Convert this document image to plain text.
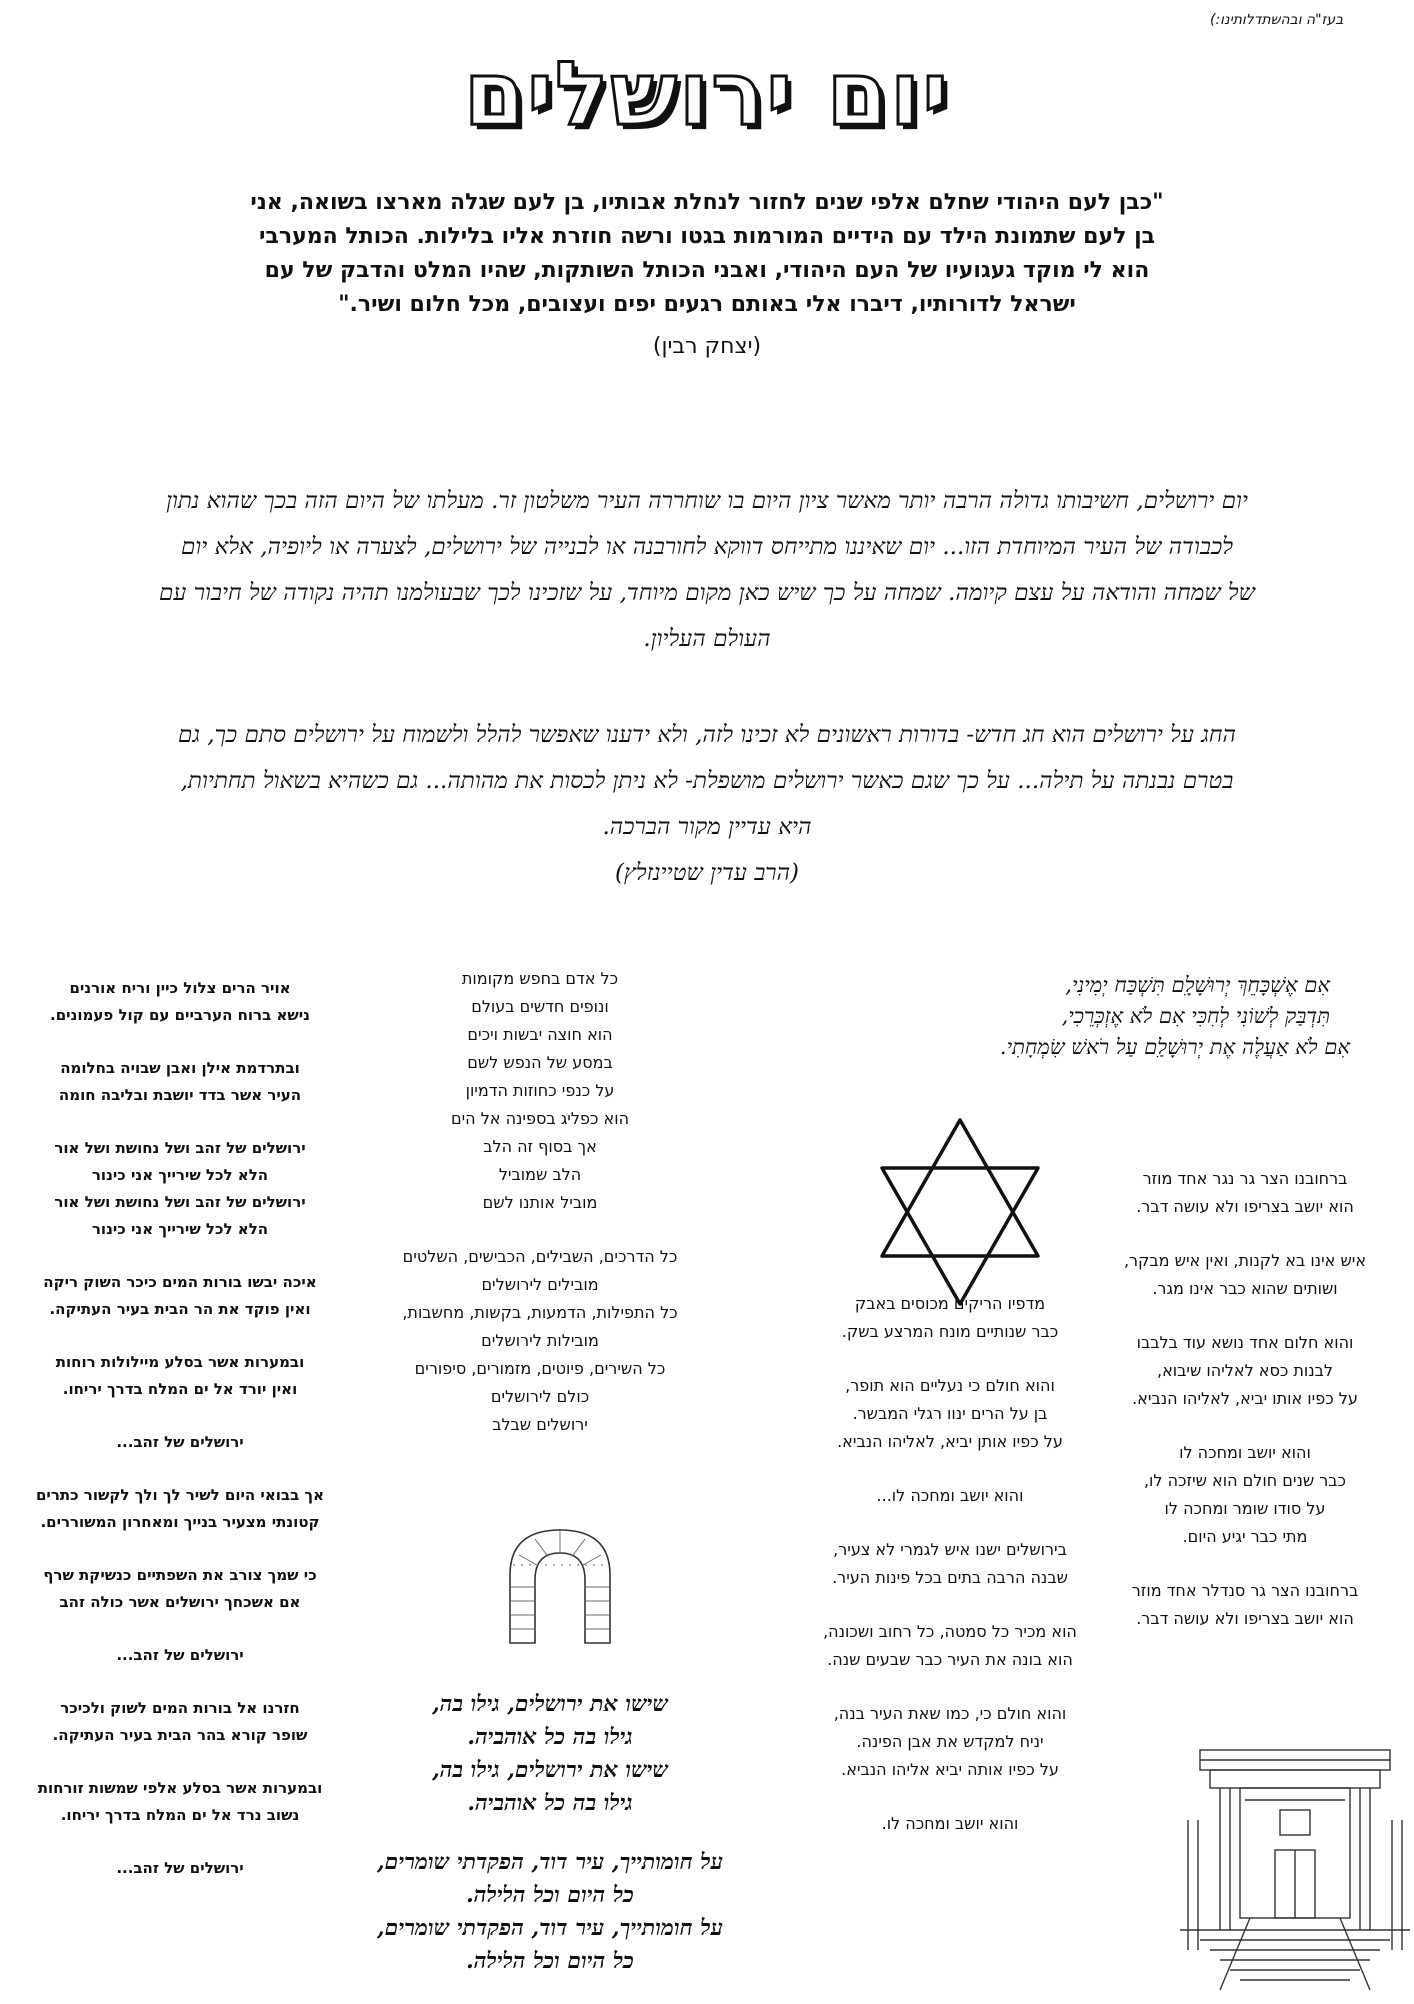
בעז"ה ובהשתדלותינו:)
יום ירושלים
"כבן לעם היהודי שחלם אלפי שנים לחזור לנחלת אבותיו, בן לעם שגלה מארצו בשואה, אני
בן לעם שתמונת הילד עם הידיים המורמות בגטו ורשה חוזרת אליו בלילות. הכותל המערבי
הוא לי מוקד געגועיו של העם היהודי, ואבני הכותל השותקות, שהיו המלט והדבק של עם
ישראל לדורותיו, דיברו אלי באותם רגעים יפים ועצובים, מכל חלום ושיר."
(יצחק רבין)
יום ירושלים, חשיבותו גדולה הרבה יותר מאשר ציון היום בו שוחררה העיר משלטון זר. מעלתו של היום הזה בכך שהוא נתון
לכבודה של העיר המיוחדת הזו... יום שאיננו מתייחס דווקא לחורבנה או לבנייה של ירושלים, לצערה או ליופיה, אלא יום
של שמחה והודאה על עצם קיומה. שמחה על כך שיש כאן מקום מיוחד, על שזכינו לכך שבעולמנו תהיה נקודה של חיבור עם
העולם העליון.
החג על ירושלים הוא חג חדש- בדורות ראשונים לא זכינו לזה, ולא ידענו שאפשר להלל ולשמוח על ירושלים סתם כך, גם
בטרם נבנתה על תילה... על כך שגם כאשר ירושלים מושפלת- לא ניתן לכסות את מהותה... גם כשהיא בשאול תחתיות,
היא עדיין מקור הברכה.
(הרב עדין שטיינזלץ)
אִם אֶשְׁכָּחֵךְ יְרוּשָׁלִָם תִּשְׁכַּח יְמִינִי,
תִּדְבַּק לְשׁוֹנִי לְחִכִּי אִם לֹא אֶזְכְּרֵכִי,
אִם לֹא אַעֲלֶה אֶת יְרוּשָׁלִַם עַל רֹאשׁ שִׂמְחָתִי.
ברחובנו הצר גר נגר אחד מוזר
הוא יושב בצריפו ולא עושה דבר.
איש אינו בא לקנות, ואין איש מבקר,
ושותים שהוא כבר אינו מגר.
והוא חלום אחד נושא עוד בלבבו
לבנות כסא לאליהו שיבוא,
על כפיו אותו יביא, לאליהו הנביא.
והוא יושב ומחכה לו
כבר שנים חולם הוא שיזכה לו,
על סודו שומר ומחכה לו
מתי כבר יגיע היום.
ברחובנו הצר גר סנדלר אחד מוזר
הוא יושב בצריפו ולא עושה דבר.
מדפיו הריקים מכוסים באבק
כבר שנותיים מונח המרצע בשק.
והוא חולם כי נעליים הוא תופר,
בן על הרים ינוו רגלי המבשר.
על כפיו אותן יביא, לאליהו הנביא.
והוא יושב ומחכה לו...
בירושלים ישנו איש לגמרי לא צעיר,
שבנה הרבה בתים בכל פינות העיר.
הוא מכיר כל סמטה, כל רחוב ושכונה,
הוא בונה את העיר כבר שבעים שנה.
והוא חולם כי, כמו שאת העיר בנה,
יניח למקדש את אבן הפינה.
על כפיו אותה יביא אליהו הנביא.
והוא יושב ומחכה לו.
כל אדם בחפש מקומות
ונופים חדשים בעולם
הוא חוצה יבשות ויכים
במסע של הנפש לשם
על כנפי כחוזות הדמיון
הוא כפליג בספינה אל הים
אך בסוף זה הלב
הלב שמוביל
מוביל אותנו לשם
כל הדרכים, השבילים, הכבישים, השלטים
מובילים לירושלים
כל התפילות, הדמעות, בקשות, מחשבות,
מובילות לירושלים
כל השירים, פיוטים, מזמורים, סיפורים
כולם לירושלים
ירושלים שבלב
שישו את ירושלים, גילו בה,
גילו בה כל אוהביה.
שישו את ירושלים, גילו בה,
גילו בה כל אוהביה.
על חומותייך, עיר דוד, הפקדתי שומרים,
כל היום וכל הלילה.
על חומותייך, עיר דוד, הפקדתי שומרים,
כל היום וכל הלילה.
אויר הרים צלול כיין וריח אורנים
נישא ברוח הערביים עם קול פעמונים.
ובתרדמת אילן ואבן שבויה בחלומה
העיר אשר בדד יושבת ובליבה חומה
ירושלים של זהב ושל נחושת ושל אור
הלא לכל שירייך אני כינור
ירושלים של זהב ושל נחושת ושל אור
הלא לכל שירייך אני כינור
איכה יבשו בורות המים כיכר השוק ריקה
ואין פוקד את הר הבית בעיר העתיקה.
ובמערות אשר בסלע מיילולות רוחות
ואין יורד אל ים המלח בדרך יריחו.
ירושלים של זהב...
אך בבואי היום לשיר לך ולך לקשור כתרים
קטונתי מצעיר בנייך ומאחרון המשוררים.
כי שמך צורב את השפתיים כנשיקת שרף
אם אשכחך ירושלים אשר כולה זהב
ירושלים של זהב...
חזרנו אל בורות המים לשוק ולכיכר
שופר קורא בהר הבית בעיר העתיקה.
ובמערות אשר בסלע אלפי שמשות זורחות
נשוב נרד אל ים המלח בדרך יריחו.
ירושלים של זהב...
